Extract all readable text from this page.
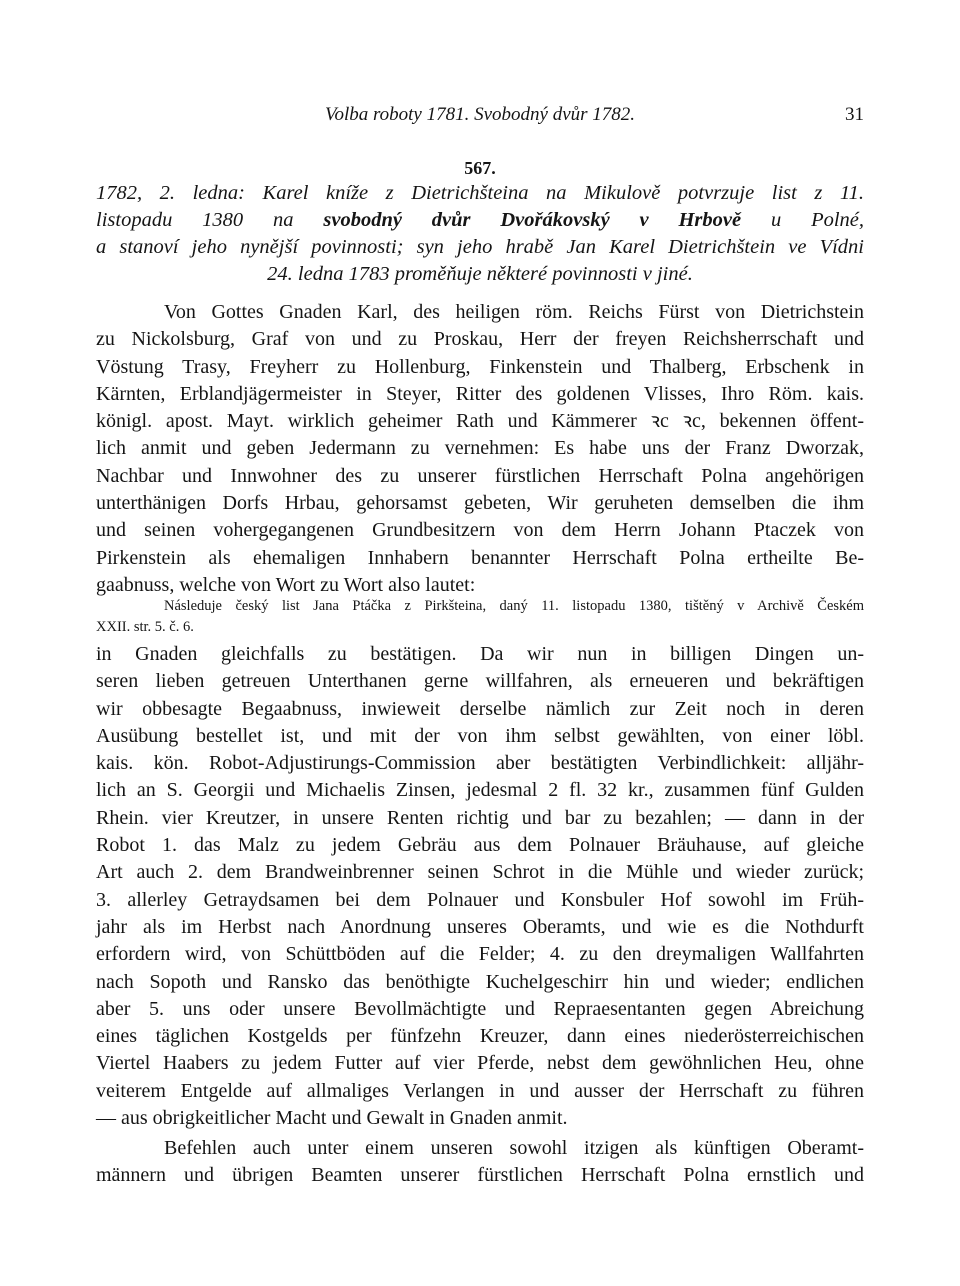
Volba roboty 1781. Svobodný dvůr 1782.	31
567.
1782, 2. ledna: Karel kníže z Dietrichšteina na Mikulově potvrzuje list z 11.
listopadu 1380 na svobodný dvůr Dvořákovský v Hrbově u Polné,
a stanoví jeho nynější povinnosti; syn jeho hrabě Jan Karel Dietrichštein ve Vídni
24. ledna 1783 proměňuje některé povinnosti v jiné.
Von Gottes Gnaden Karl, des heiligen röm. Reichs Fürst von Dietrichstein
zu Nickolsburg, Graf von und zu Proskau, Herr der freyen Reichsherrschaft und
Vöstung Trasy, Freyherr zu Hollenburg, Finkenstein und Thalberg, Erbschenk in
Kärnten, Erblandjägermeister in Steyer, Ritter des goldenen Vlisses, Ihro Röm. kais.
königl. apost. Mayt. wirklich geheimer Rath und Kämmerer ꝛc ꝛc, bekennen öffent-
lich anmit und geben Jedermann zu vernehmen: Es habe uns der Franz Dworzak,
Nachbar und Innwohner des zu unserer fürstlichen Herrschaft Polna angehörigen
unterthänigen Dorfs Hrbau, gehorsamst gebeten, Wir geruheten demselben die ihm
und seinen vohergegangenen Grundbesitzern von dem Herrn Johann Ptaczek von
Pirkenstein als ehemaligen Innhabern benannter Herrschaft Polna ertheilte Be-
gaabnuss, welche von Wort zu Wort also lautet:
Následuje český list Jana Ptáčka z Pirkšteina, daný 11. listopadu 1380, tištěný v Archivě Českém
XXII. str. 5. č. 6.
in Gnaden gleichfalls zu bestätigen. Da wir nun in billigen Dingen un-
seren lieben getreuen Unterthanen gerne willfahren, als erneueren und bekräftigen
wir obbesagte Begaabnuss, inwieweit derselbe nämlich zur Zeit noch in deren
Ausübung bestellet ist, und mit der von ihm selbst gewählten, von einer löbl.
kais. kön. Robot-Adjustirungs-Commission aber bestätigten Verbindlichkeit: alljähr-
lich an S. Georgii und Michaelis Zinsen, jedesmal 2 fl. 32 kr., zusammen fünf Gulden
Rhein. vier Kreutzer, in unsere Renten richtig und bar zu bezahlen; — dann in der
Robot 1. das Malz zu jedem Gebräu aus dem Polnauer Bräuhause, auf gleiche
Art auch 2. dem Brandweinbrenner seinen Schrot in die Mühle und wieder zurück;
3. allerley Getraydsamen bei dem Polnauer und Konsbuler Hof sowohl im Früh-
jahr als im Herbst nach Anordnung unseres Oberamts, und wie es die Nothdurft
erfordern wird, von Schüttböden auf die Felder; 4. zu den dreymaligen Wallfahrten
nach Sopoth und Ransko das benöthigte Kuchelgeschirr hin und wieder; endlichen
aber 5. uns oder unsere Bevollmächtigte und Repraesentanten gegen Abreichung
eines täglichen Kostgelds per fünfzehn Kreuzer, dann eines niederösterreichischen
Viertel Haabers zu jedem Futter auf vier Pferde, nebst dem gewöhnlichen Heu, ohne
veiterem Entgelde auf allmaliges Verlangen in und ausser der Herrschaft zu führen
— aus obrigkeitlicher Macht und Gewalt in Gnaden anmit.
Befehlen auch unter einem unseren sowohl itzigen als künftigen Oberamt-
männern und übrigen Beamten unserer fürstlichen Herrschaft Polna ernstlich und
